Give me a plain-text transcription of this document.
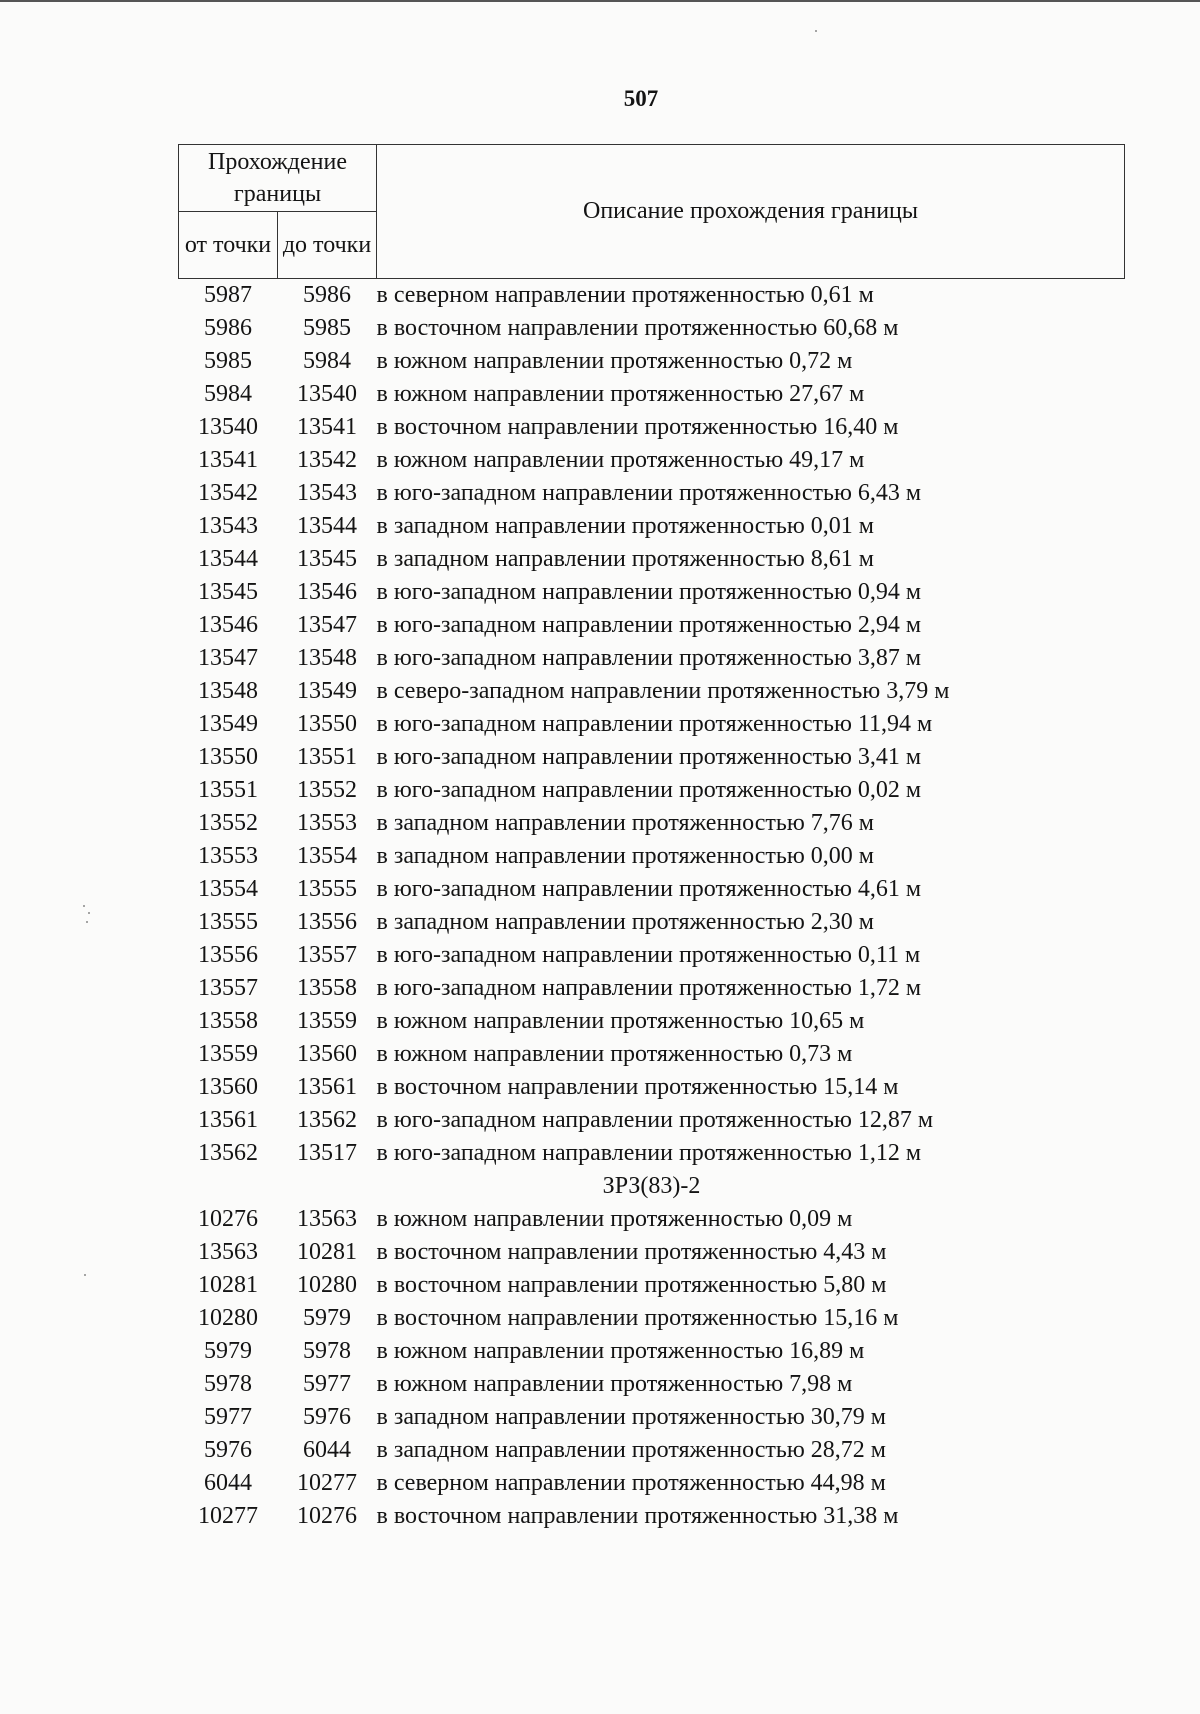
507
Прохождение границы		Описание прохождения границы
от точки	до точки	
5987	5986	в северном направлении протяженностью 0,61 м
5986	5985	в восточном направлении протяженностью 60,68 м
5985	5984	в южном направлении протяженностью 0,72 м
5984	13540	в южном направлении протяженностью 27,67 м
13540	13541	в восточном направлении протяженностью 16,40 м
13541	13542	в южном направлении протяженностью 49,17 м
13542	13543	в юго-западном направлении протяженностью 6,43 м
13543	13544	в западном направлении протяженностью 0,01 м
13544	13545	в западном направлении протяженностью 8,61 м
13545	13546	в юго-западном направлении протяженностью 0,94 м
13546	13547	в юго-западном направлении протяженностью 2,94 м
13547	13548	в юго-западном направлении протяженностью 3,87 м
13548	13549	в северо-западном направлении протяженностью 3,79 м
13549	13550	в юго-западном направлении протяженностью 11,94 м
13550	13551	в юго-западном направлении протяженностью 3,41 м
13551	13552	в юго-западном направлении протяженностью 0,02 м
13552	13553	в западном направлении протяженностью 7,76 м
13553	13554	в западном направлении протяженностью 0,00 м
13554	13555	в юго-западном направлении протяженностью 4,61 м
13555	13556	в западном направлении протяженностью 2,30 м
13556	13557	в юго-западном направлении протяженностью 0,11 м
13557	13558	в юго-западном направлении протяженностью 1,72 м
13558	13559	в южном направлении протяженностью 10,65 м
13559	13560	в южном направлении протяженностью 0,73 м
13560	13561	в восточном направлении протяженностью 15,14 м
13561	13562	в юго-западном направлении протяженностью 12,87 м
13562	13517	в юго-западном направлении протяженностью 1,12 м
ЗРЗ(83)-2		
10276	13563	в южном направлении протяженностью 0,09 м
13563	10281	в восточном направлении протяженностью 4,43 м
10281	10280	в восточном направлении протяженностью 5,80 м
10280	5979	в восточном направлении протяженностью 15,16 м
5979	5978	в южном направлении протяженностью 16,89 м
5978	5977	в южном направлении протяженностью 7,98 м
5977	5976	в западном направлении протяженностью 30,79 м
5976	6044	в западном направлении протяженностью 28,72 м
6044	10277	в северном направлении протяженностью 44,98 м
10277	10276	в восточном направлении протяженностью 31,38 м
